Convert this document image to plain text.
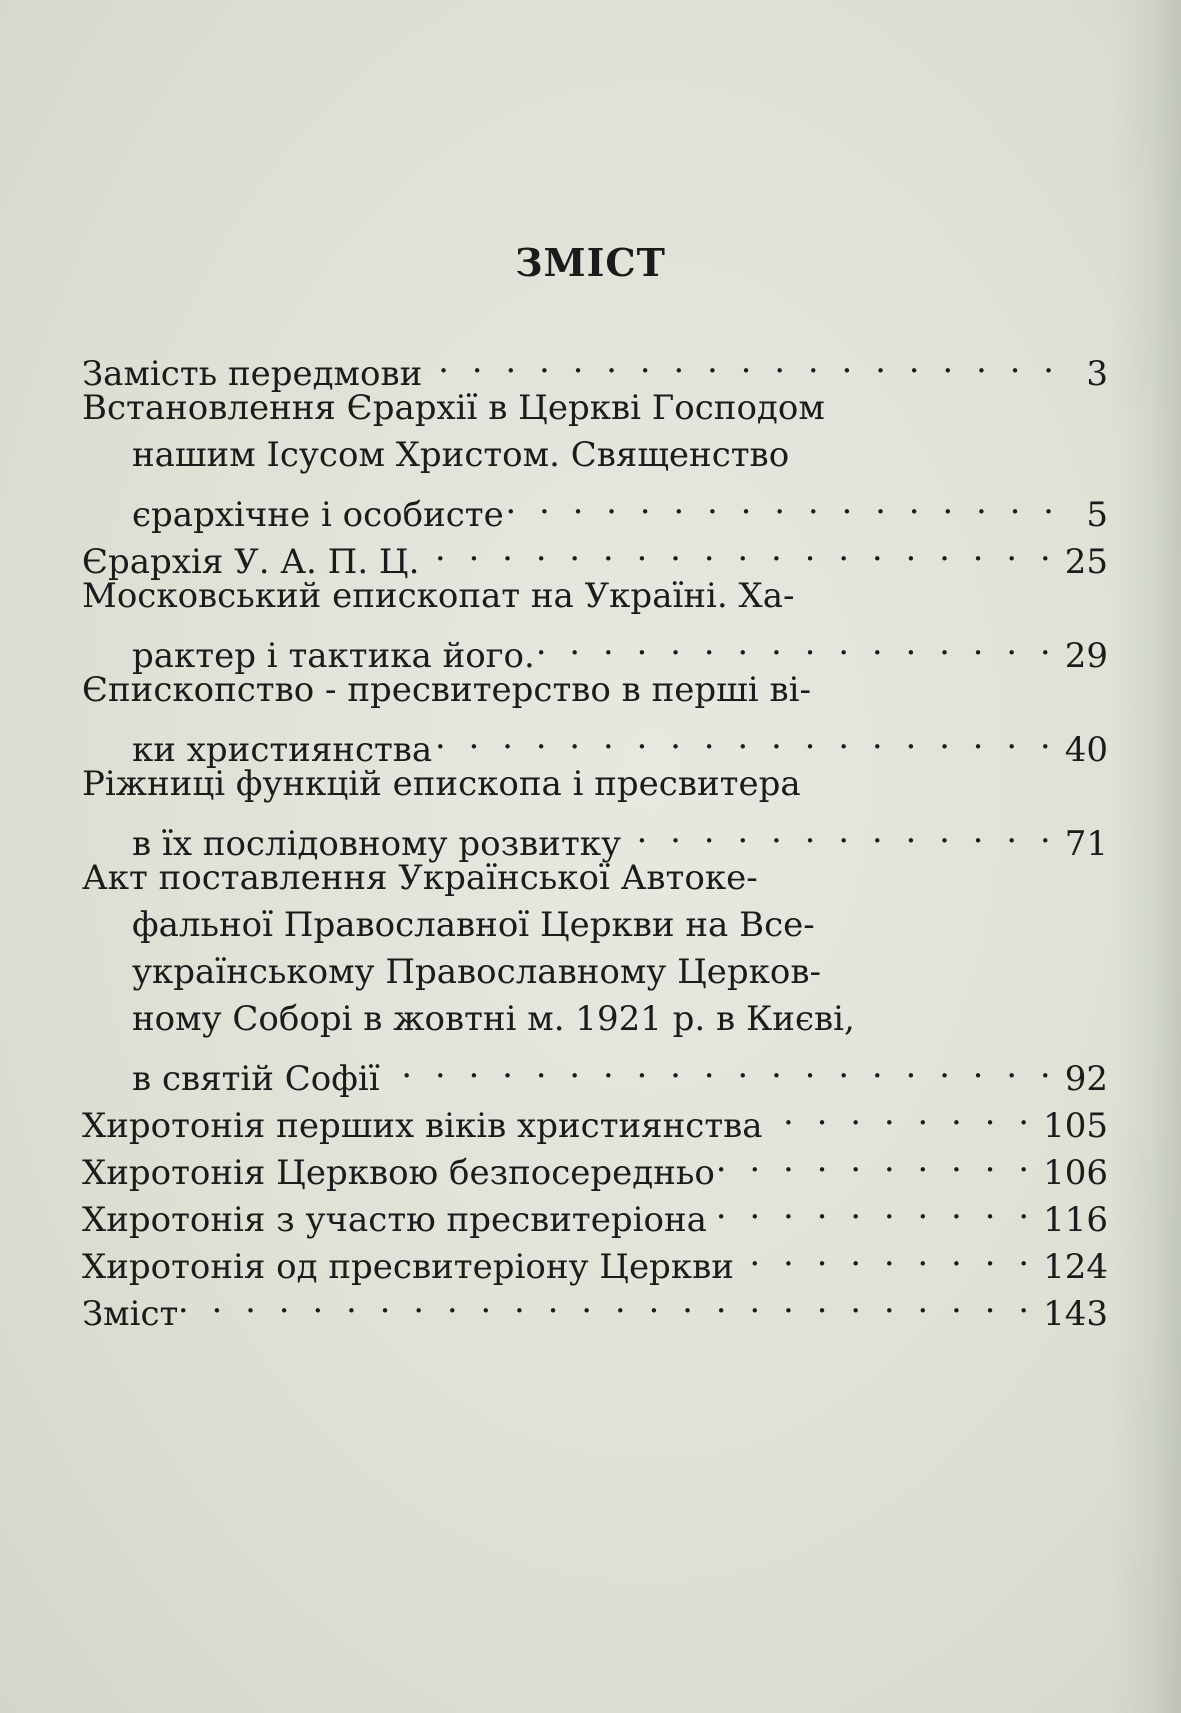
ЗМІСТ
Замість передмови . . .	3
Встановлення Єрархії в Церкві Господом
нашим Ісусом Христом. Священство
єрархічне і особисте . . .	5
Єрархія У. А. П. Ц. . . .	25
Московський епископат на Україні. Ха-
рактер і тактика його. . . .	29
Єпископство - пресвитерство в перші ві-
ки християнства . . .	40
Ріжниці функцій епископа і пресвитера
в їх послідовному розвитку . . .	71
Акт поставлення Української Автоке-
фальної Православної Церкви на Все-
українському Православному Церков-
ному Соборі в жовтні м. 1921 р. в Києві,
в святій Софії . . .	92
Хиротонія перших віків християнства . . .	105
Хиротонія Церквою безпосередньо . . .	106
Хиротонія з участю пресвитеріона . . .	116
Хиротонія од пресвитеріону Церкви . . .	124
Зміст . . .	143
